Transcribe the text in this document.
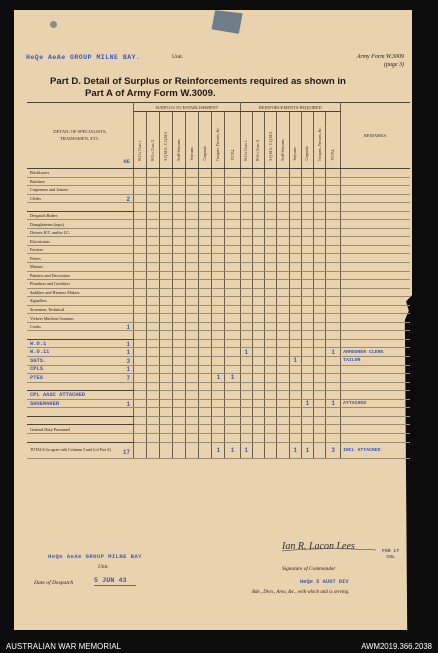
HeQe AeAe GROUP MILNE BAY.	Unit.	Army Form W.3009
(page 3)
Part D. Detail of Surplus or Reinforcements required as shown in
Part A of Army Form W.3009.
DETAIL OF SPECIALISTS,
TRADESMEN, ETC.
NE	SURPLUS TO ESTABLISHMENT								REINFORCEMENTS REQUIRED								REMARKS.
	W.O.s Class I.	W.O.s Class II.	S.Q.M.S., C.Q.M.S.	Staff-Serjeants	Serjeants	Corporals	Troopers, Privates, &c.	TOTAL	W.O.s Class I.	W.O.s Class II.	S.Q.M.S., C.Q.M.S.	Staff-Serjeants	Serjeants	Corporals	Troopers, Privates, &c.	TOTAL	

Bricklayers																	

Butchers																	

Carpenters and Joiners																	

Clerks 2																	

Despatch Riders																	

Draughtsmen (topo)																	

Drivers H.T. and/or I.C.																	

Electricians																	

Farriers																	

Fitters																	

Masons																	

Painters and Decorators																	

Plumbers and Gasfitters																	

Saddlers and Harness Makers																	

Signallers																	

Storemen, Technical																	

Vickers Machine Gunners																	

Cooks 1																	

W.O.1 1																	

W.O.11 1									1							1	ARMOURER CLERK

SGTS. 3													1				TAILOR

CPLS 1																	

PTES 7							1	1									

CPL AASC ATTACHED																	

SHOEMAKER 1														1		1	ATTACHED

General Duty Personnel																	

TOTALS (to agree with Columns 3 and 4 of Part A) 17							1	1	1				1	1		3	INCL ATTACHED
HeQe AeAe GROUP MILNE BAY
Unit.
Date of Despatch	5 JUN 43
Ian R. Lacon Lees	FOR LT
COL
Signature of Commander
HeQe 5 AUST DIV
Bde., Divn., Area, &c., with which unit is serving.
AUSTRALIAN WAR MEMORIAL	AWM2019.366.2038
